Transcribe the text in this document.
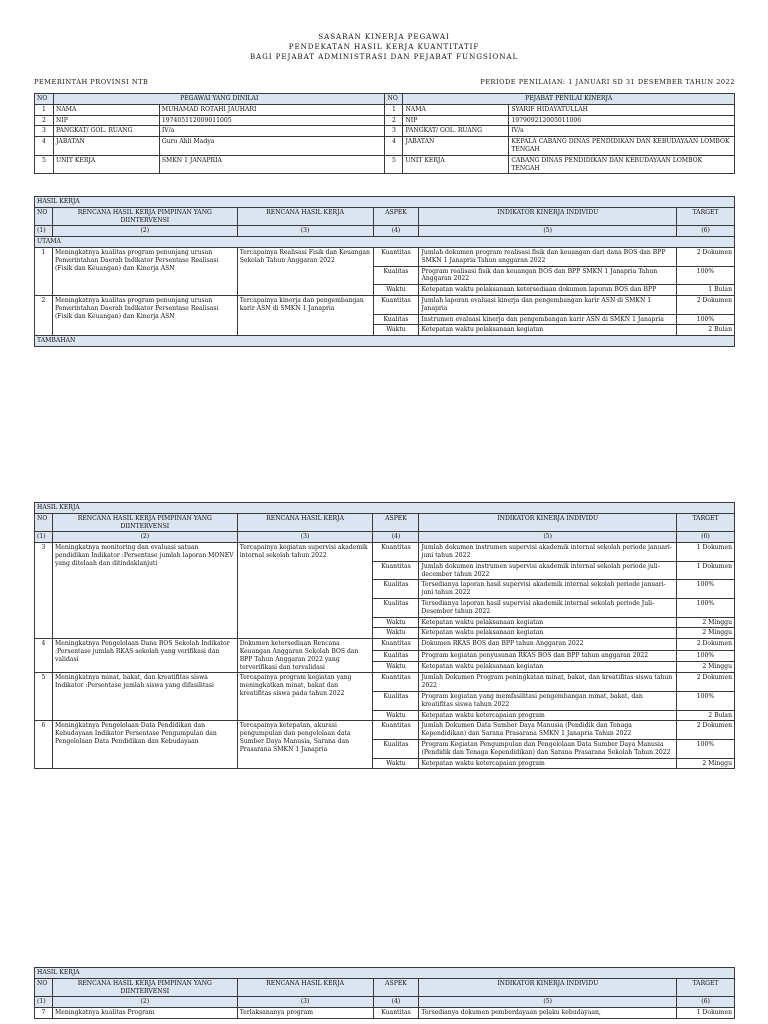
SASARAN KINERJA PEGAWAI
PENDEKATAN HASIL KERJA KUANTITATIF
BAGI PEJABAT ADMINISTRASI DAN PEJABAT FUNGSIONAL
PEMERINTAH PROVINSI NTB	PERIODE PENILAIAN: 1 JANUARI SD 31 DESEMBER TAHUN 2022
NO	PEGAWAI YANG DINILAI		NO	PEJABAT PENILAI KINERJA	
1	NAMA	MUHAMAD ROTAHI JAUHARI	1	NAMA	SYARIF HIDAYATULLAH
2	NIP	197405112009011005	2	NIP	197909212005011006
3	PANGKAT/ GOL. RUANG	IV/a	3	PANGKAT/ GOL. RUANG	IV/a
4	JABATAN	Guru Ahli Madya	4	JABATAN	KEPALA CABANG DINAS PENDIDIKAN DAN KEBUDAYAAN LOMBOK TENGAH
5	UNIT KERJA	SMKN 1 JANAPRIA	5	UNIT KERJA	CABANG DINAS PENDIDIKAN DAN KEBUDAYAAN LOMBOK TENGAH
HASIL KERJA					
NO	RENCANA HASIL KERJA PIMPINAN YANG DIINTERVENSI	RENCANA HASIL KERJA	ASPEK	INDIKATOR KINERJA INDIVIDU	TARGET
(1)	(2)	(3)	(4)	(5)	(6)
UTAMA					
1	Meningkatnya kualitas program penunjang urusan Pemerintahan Daerah Indikator Persentase Realisasi (Fisik dan Keuangan) dan Kinerja ASN	Tercapainya Realisasi Fisik dan Keuangan Sekolah Tahun Anggaran 2022	Kuantitas	Jumlah dokumen program realisasi fisik dan keuangan dari dana BOS dan BPP SMKN 1 Janapria Tahun anggaran 2022	2 Dokumen
			Kualitas	Program realisasi fisik dan keuangan BOS dan BPP SMKN 1 Janapria Tahun Anggaran 2022	100%
			Waktu	Ketepatan waktu pelaksanaan ketersediaan dokumen laporan BOS dan BPP	1 Bulan
2	Meningkatnya kualitas program penunjang urusan Pemerintahan Daerah Indikator Persentase Realisasi (Fisik dan Keuangan) dan Kinerja ASN	Tercapainya kinerja dan pengembangan karir ASN di SMKN 1 Janapria	Kuantitas	Jumlah laporan evaluasi kinerja dan pengembangan karir ASN di SMKN 1 Janapria	2 Dokumen
			Kualitas	Instrumen evaluasi kinerja dan pengembangan karir ASN di SMKN 1 Janapria	100%
			Waktu	Ketepatan waktu pelaksanaan kegiatan	2 Bulan
TAMBAHAN					
HASIL KERJA					
NO	RENCANA HASIL KERJA PIMPINAN YANG DIINTERVENSI	RENCANA HASIL KERJA	ASPEK	INDIKATOR KINERJA INDIVIDU	TARGET
(1)	(2)	(3)	(4)	(5)	(6)
3	Meningkatnya monitoring dan evaluasi satuan pendidikan Indikator :Persentase jumlah laporan MONEV yang ditelaah dan ditindaklanjuti	Tercapainya kegiatan supervisi akademik internal sekolah tahun 2022	Kuantitas	Jumlah dokumen instrumen supervisi akademik internal sekolah periode januari-juni tahun 2022	1 Dokumen
			Kuantitas	Jumlah dokumen instrumen supervisi akademik internal sekolah periode juli-december tahun 2022	1 Dokumen
			Kualitas	Tersedianya laporan hasil supervisi akademik internal sekolah periode januari-juni tahun 2022	100%
			Kualitas	Tersedianya laporan hasil supervisi akademik internal sekolah periode Juli-Desember tahun 2022	100%
			Waktu	Ketepatan waktu pelaksanaan kegiatan	2 Minggu
			Waktu	Ketepatan waktu pelaksanaan kegiatan	2 Minggu
4	Meningkatnya Pengelolaan Dana BOS Sekolah Indikator :Persentase jumlah RKAS sekolah yang verifikasi dan validasi	Dokumen ketersediaan Rencana Keuangan Anggaran Sekolah BOS dan BPP Tahun Anggaran 2022 yang terverifikasi dan tervalidasi	Kuantitas	Dokumen RKAS BOS dan BPP tahun Anggaran 2022	2 Dokumen
			Kualitas	Program kegiatan penyusunan RKAS BOS dan BPP tahun anggaran 2022	100%
			Waktu	Ketepatan waktu pelaksanaan kegiatan	2 Minggu
5	Meningkatnya minat, bakat, dan kreatifitas siswa Indikator :Persentase jumlah siswa yang difasilitasi	Tercapainya program kegiatan yang meningkatkan minat, bakat dan kreatifitas siswa pada tahun 2022	Kuantitas	Jumlah Dokumen Program peningkatan minat, bakat, dan kreatifitas siswa tahun 2022	2 Dokumen
			Kualitas	Program kegiatan yang memfasilitasi pengembangan minat, bakat, dan kreatifitas siswa tahun 2022	100%
			Waktu	Ketepatan waktu ketercapaian program	2 Bulan
6	Meningkatnya Pengelolaan Data Pendidikan dan Kebudayaan Indikator Persentase Pengumpulan dan Pengelolaan Data Pendidikan dan Kebudayaan	Tercapainya ketepatan, akurasi pengumpulan dan pengelolaan data Sumber Daya Manusia, Sarana dan Prasarana SMKN 1 Janapria	Kuantitas	Jumlah Dokumen Data Sumber Daya Manusia (Pendidik dan Tenaga Kependidikan) dan Sarana Prasarana SMKN 1 Janapria Tahun 2022	2 Dokumen
			Kualitas	Program Kegiatan Pengumpulan dan Pengelolaan Data Sumber Daya Manusia (Pendidik dan Tenaga Kependidikan) dan Sarana Prasarana Sekolah Tahun 2022	100%
			Waktu	Ketepatan waktu ketercapaian program	2 Minggu
HASIL KERJA					
NO	RENCANA HASIL KERJA PIMPINAN YANG DIINTERVENSI	RENCANA HASIL KERJA	ASPEK	INDIKATOR KINERJA INDIVIDU	TARGET
(1)	(2)	(3)	(4)	(5)	(6)
7	Meningkatnya kualitas Program	Terlaksananya program	Kuantitas	Tersedianya dokumen pemberdayaan pelaku kebudayaan,	1 Dokumen
